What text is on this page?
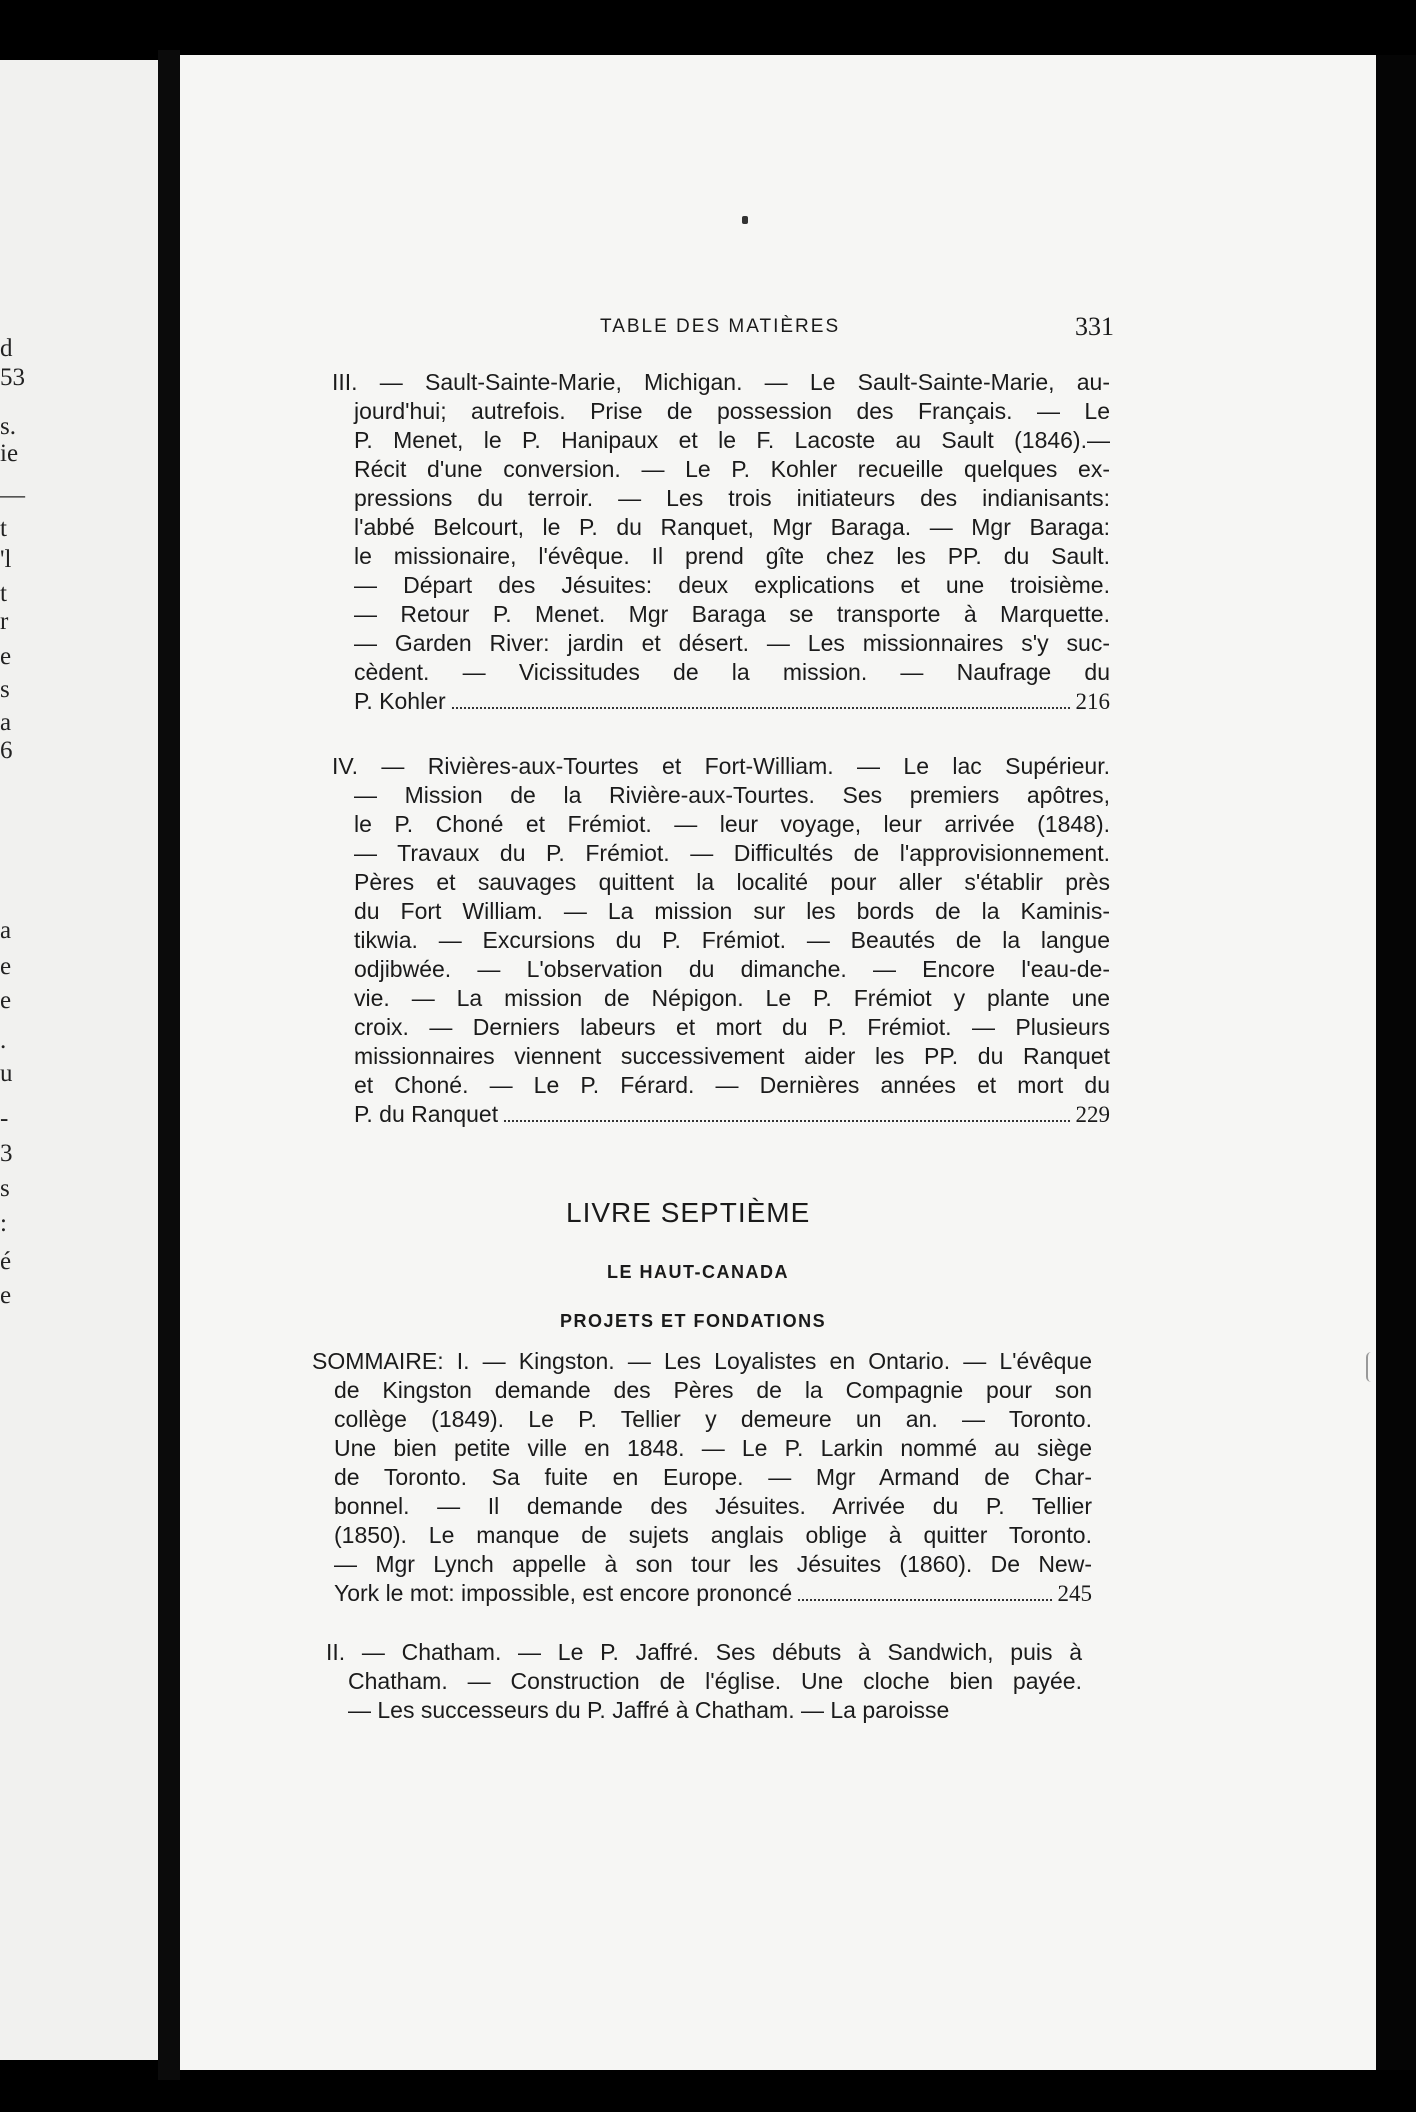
d
53
s.
ie
—
t
'l
t
r
e
s
a
6
a
e
e
.
u
-
3
s
:
é
e
TABLE DES MATIÈRES	331
III. — Sault-Sainte-Marie, Michigan. — Le Sault-Sainte-Marie, au-
jourd'hui; autrefois. Prise de possession des Français. — Le
P. Menet, le P. Hanipaux et le F. Lacoste au Sault (1846).—
Récit d'une conversion. — Le P. Kohler recueille quelques ex-
pressions du terroir. — Les trois initiateurs des indianisants:
l'abbé Belcourt, le P. du Ranquet, Mgr Baraga. — Mgr Baraga:
le missionaire, l'évêque. Il prend gîte chez les PP. du Sault.
— Départ des Jésuites: deux explications et une troisième.
— Retour P. Menet. Mgr Baraga se transporte à Marquette.
— Garden River: jardin et désert. — Les missionnaires s'y suc-
cèdent. — Vicissitudes de la mission. — Naufrage du
P. Kohler	216
IV. — Rivières-aux-Tourtes et Fort-William. — Le lac Supérieur.
— Mission de la Rivière-aux-Tourtes. Ses premiers apôtres,
le P. Choné et Frémiot. — leur voyage, leur arrivée (1848).
— Travaux du P. Frémiot. — Difficultés de l'approvisionnement.
Pères et sauvages quittent la localité pour aller s'établir près
du Fort William. — La mission sur les bords de la Kaminis-
tikwia. — Excursions du P. Frémiot. — Beautés de la langue
odjibwée. — L'observation du dimanche. — Encore l'eau-de-
vie. — La mission de Népigon. Le P. Frémiot y plante une
croix. — Derniers labeurs et mort du P. Frémiot. — Plusieurs
missionnaires viennent successivement aider les PP. du Ranquet
et Choné. — Le P. Férard. — Dernières années et mort du
P. du Ranquet	229
LIVRE SEPTIÈME
LE HAUT-CANADA
PROJETS ET FONDATIONS
SOMMAIRE: I. — Kingston. — Les Loyalistes en Ontario. — L'évêque
de Kingston demande des Pères de la Compagnie pour son
collège (1849). Le P. Tellier y demeure un an. — Toronto.
Une bien petite ville en 1848. — Le P. Larkin nommé au siège
de Toronto. Sa fuite en Europe. — Mgr Armand de Char-
bonnel. — Il demande des Jésuites. Arrivée du P. Tellier
(1850). Le manque de sujets anglais oblige à quitter Toronto.
— Mgr Lynch appelle à son tour les Jésuites (1860). De New-
York le mot: impossible, est encore prononcé	245
II. — Chatham. — Le P. Jaffré. Ses débuts à Sandwich, puis à
Chatham. — Construction de l'église. Une cloche bien payée.
— Les successeurs du P. Jaffré à Chatham. — La paroisse
